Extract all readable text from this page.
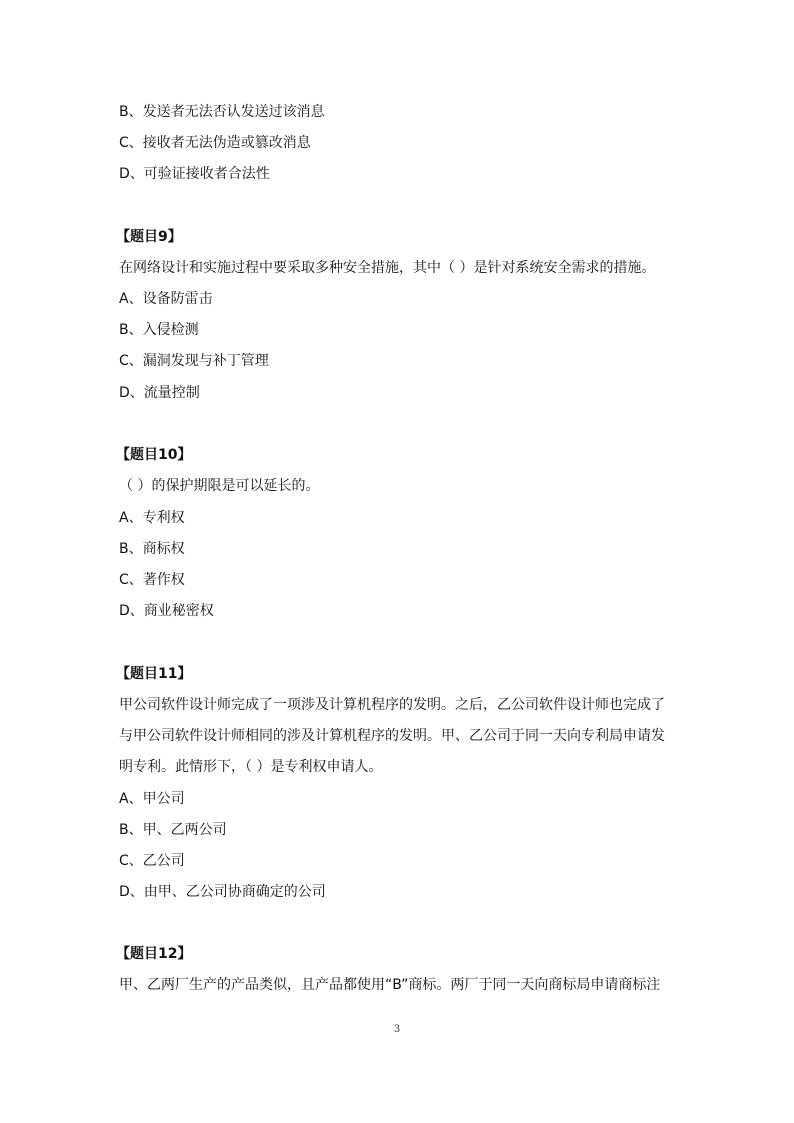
B、发送者无法否认发送过该消息
C、接收者无法伪造或篡改消息
D、可验证接收者合法性
【题目9】
在网络设计和实施过程中要采取多种安全措施，其中（ ）是针对系统安全需求的措施。
A、设备防雷击
B、入侵检测
C、漏洞发现与补丁管理
D、流量控制
【题目10】
（ ）的保护期限是可以延长的。
A、专利权
B、商标权
C、著作权
D、商业秘密权
【题目11】
甲公司软件设计师完成了一项涉及计算机程序的发明。之后，乙公司软件设计师也完成了
与甲公司软件设计师相同的涉及计算机程序的发明。甲、乙公司于同一天向专利局申请发
明专利。此情形下，（ ）是专利权申请人。
A、甲公司
B、甲、乙两公司
C、乙公司
D、由甲、乙公司协商确定的公司
【题目12】
甲、乙两厂生产的产品类似，且产品都使用“B”商标。两厂于同一天向商标局申请商标注
3
